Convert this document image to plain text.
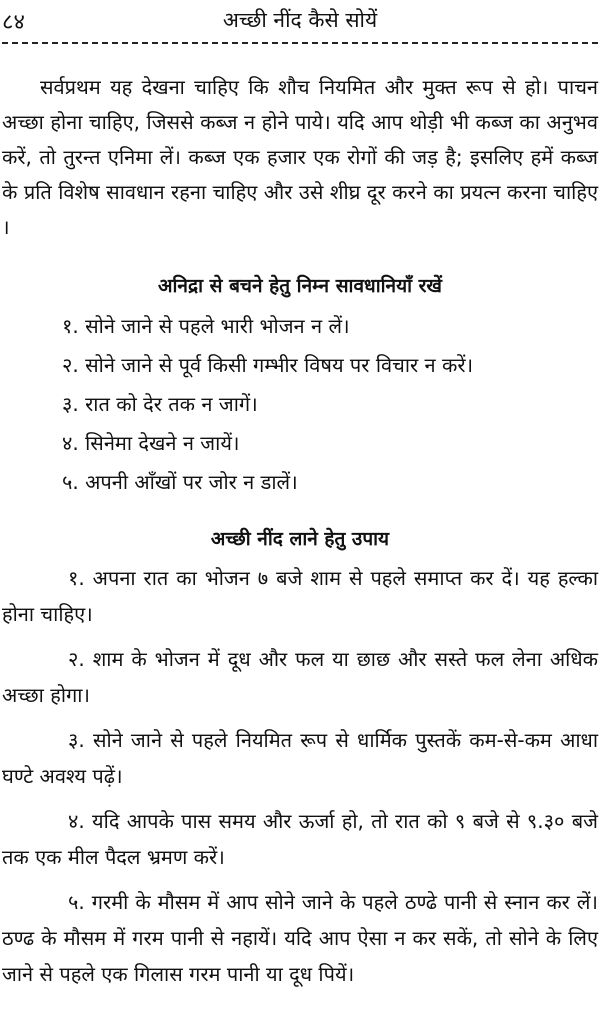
८४	अच्छी नींद कैसे सोयें

सर्वप्रथम यह देखना चाहिए कि शौच नियमित और मुक्त रूप से हो। पाचन अच्छा होना चाहिए, जिससे कब्ज न होने पाये। यदि आप थोड़ी भी कब्ज का अनुभव करें, तो तुरन्त एनिमा लें। कब्ज एक हजार एक रोगों की जड़ है; इसलिए हमें कब्ज के प्रति विशेष सावधान रहना चाहिए और उसे शीघ्र दूर करने का प्रयत्न करना चाहिए ।

अनिद्रा से बचने हेतु निम्न सावधानियाँ रखें

१. सोने जाने से पहले भारी भोजन न लें।

२. सोने जाने से पूर्व किसी गम्भीर विषय पर विचार न करें।

३. रात को देर तक न जागें।

४. सिनेमा देखने न जायें।

५. अपनी आँखों पर जोर न डालें।

अच्छी नींद लाने हेतु उपाय

१. अपना रात का भोजन ७ बजे शाम से पहले समाप्त कर दें। यह हल्का होना चाहिए।

२. शाम के भोजन में दूध और फल या छाछ और सस्ते फल लेना अधिक अच्छा होगा।

३. सोने जाने से पहले नियमित रूप से धार्मिक पुस्तकें कम-से-कम आधा घण्टे अवश्य पढ़ें।

४. यदि आपके पास समय और ऊर्जा हो, तो रात को ९ बजे से ९.३० बजे तक एक मील पैदल भ्रमण करें।

५. गरमी के मौसम में आप सोने जाने के पहले ठण्ढे पानी से स्नान कर लें। ठण्ढ के मौसम में गरम पानी से नहायें। यदि आप ऐसा न कर सकें, तो सोने के लिए जाने से पहले एक गिलास गरम पानी या दूध पियें।
